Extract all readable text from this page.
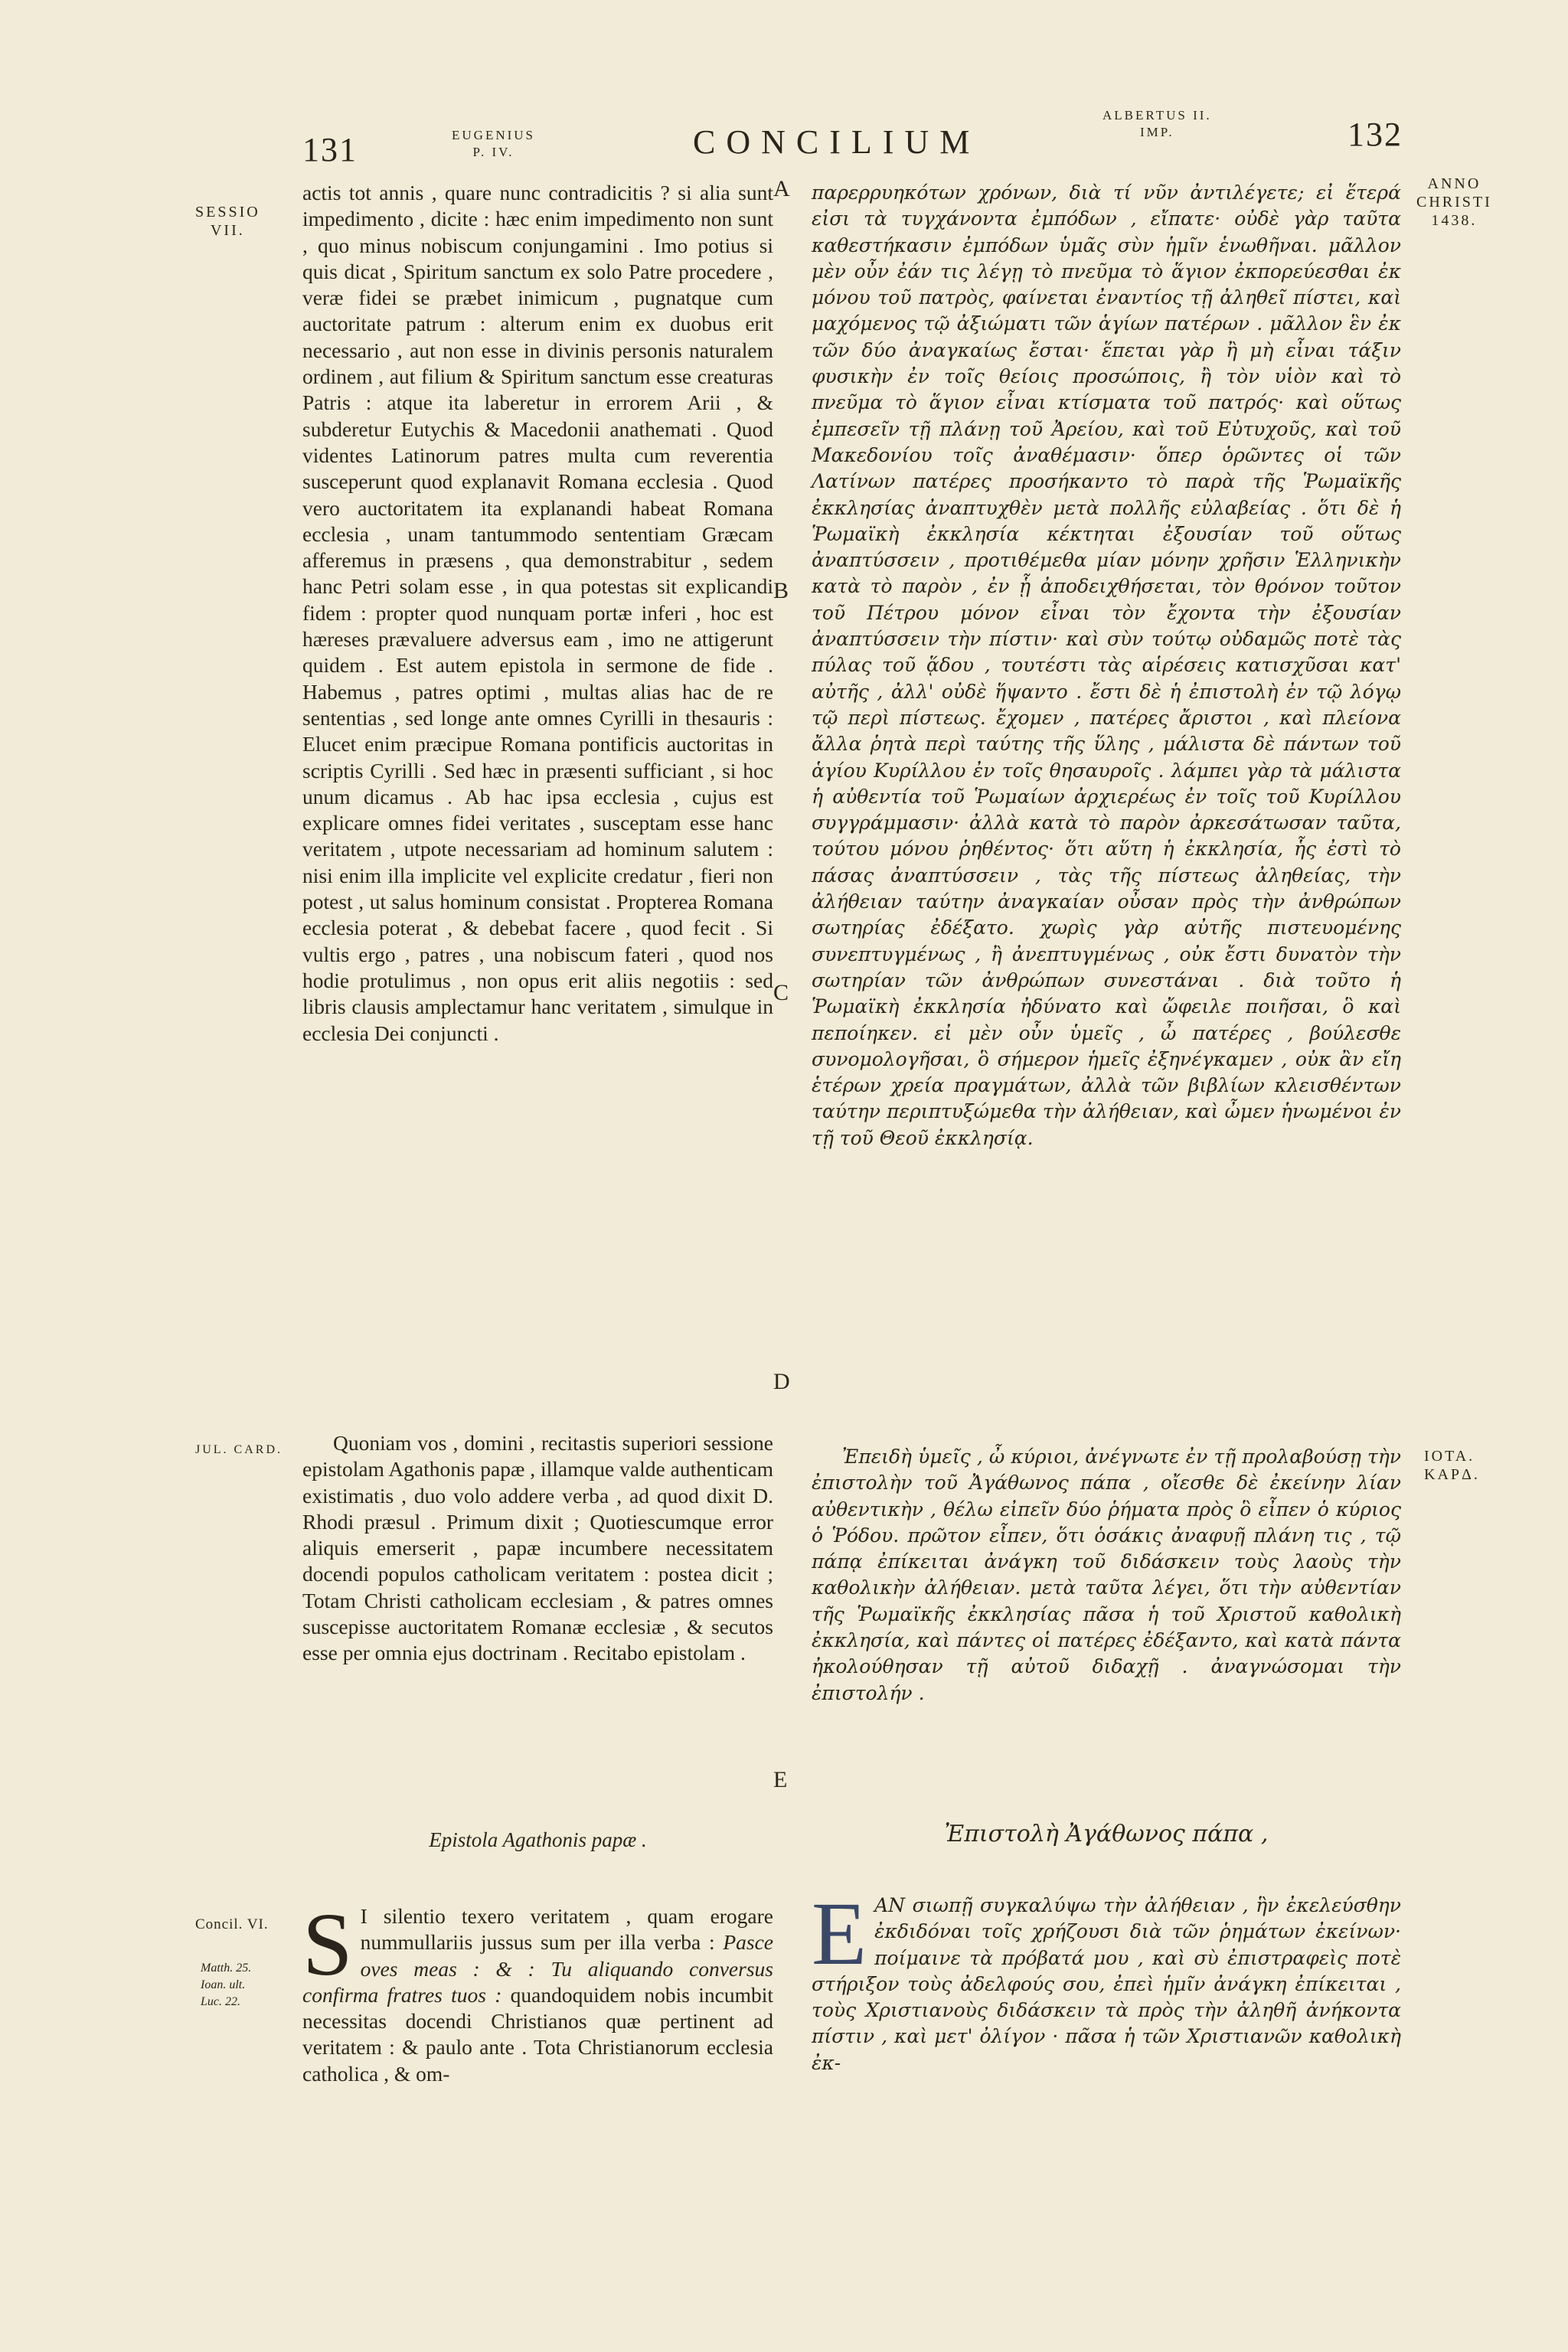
131	EUGENIUS
P. IV.	CONCILIUM
ALBERTUS II.
IMP.	132
SESSIO
VII.
ANNO
CHRISTI
1438.
JUL. CARD.	IOTA.
KAPΔ.
Concil. VI.
Matth. 25.
Ioan. ult.
Luc. 22.
A
B
C
D
E

actis tot annis , quare nunc contradicitis ? si alia sunt impedimento , dicite : hæc enim impedimento non sunt , quo minus nobiscum conjungamini . Imo potius si quis dicat , Spiritum sanctum ex solo Patre procedere , veræ fidei se præbet inimicum , pugnatque cum auctoritate patrum : alterum enim ex duobus erit necessario , aut non esse in divinis personis naturalem ordinem , aut filium & Spiritum sanctum esse creaturas Patris : atque ita laberetur in errorem Arii , & subderetur Eutychis & Macedonii anathemati . Quod videntes Latinorum patres multa cum reverentia susceperunt quod explanavit Romana ecclesia . Quod vero auctoritatem ita explanandi habeat Romana ecclesia , unam tantummodo sententiam Græcam afferemus in præsens , qua demonstrabitur , sedem hanc Petri solam esse , in qua potestas sit explicandi fidem : propter quod nunquam portæ inferi , hoc est hæreses prævaluere adversus eam , imo ne attigerunt quidem . Est autem epistola in sermone de fide . Habemus , patres optimi , multas alias hac de re sententias , sed longe ante omnes Cyrilli in thesauris : Elucet enim præcipue Romana pontificis auctoritas in scriptis Cyrilli . Sed hæc in præsenti sufficiant , si hoc unum dicamus . Ab hac ipsa ecclesia , cujus est explicare omnes fidei veritates , susceptam esse hanc veritatem , utpote necessariam ad hominum salutem : nisi enim illa implicite vel explicite credatur , fieri non potest , ut salus hominum consistat . Propterea Romana ecclesia poterat , & debebat facere , quod fecit . Si vultis ergo , patres , una nobiscum fateri , quod nos hodie protulimus , non opus erit aliis negotiis : sed libris clausis amplectamur hanc veritatem , simulque in ecclesia Dei conjuncti .

Quoniam vos , domini , recitastis superiori sessione epistolam Agathonis papæ , illamque valde authenticam existimatis , duo volo addere verba , ad quod dixit D. Rhodi præsul . Primum dixit ; Quotiescumque error aliquis emerserit , papæ incumbere necessitatem docendi populos catholicam veritatem : postea dicit ; Totam Christi catholicam ecclesiam , & patres omnes suscepisse auctoritatem Romanæ ecclesiæ , & secutos esse per omnia ejus doctrinam . Recitabo epistolam .

Epistola Agathonis papæ .
S I silentio texero veritatem , quam erogare nummullariis jussus sum per illa verba : Pasce oves meas : & : Tu aliquando conversus confirma fratres tuos : quandoquidem nobis incumbit necessitas docendi Christianos quæ pertinent ad veritatem : & paulo ante . Tota Christianorum ecclesia catholica , & om-

παρερρυηκότων χρόνων, διὰ τί νῦν ἀντιλέγετε; εἰ ἕτερά εἰσι τὰ τυγχάνοντα ἐμπόδων , εἴπατε· οὐδὲ γὰρ ταῦτα καθεστήκασιν ἐμπόδων ὑμᾶς σὺν ἡμῖν ἑνωθῆναι. μᾶλλον μὲν οὖν ἐάν τις λέγῃ τὸ πνεῦμα τὸ ἅγιον ἐκπορεύεσθαι ἐκ μόνου τοῦ πατρὸς, φαίνεται ἐναντίος τῇ ἀληθεῖ πίστει, καὶ μαχόμενος τῷ ἀξιώματι τῶν ἁγίων πατέρων . μᾶλλον ἓν ἐκ τῶν δύο ἀναγκαίως ἔσται· ἕπεται γὰρ ἢ μὴ εἶναι τάξιν φυσικὴν ἐν τοῖς θείοις προσώποις, ἢ τὸν υἱὸν καὶ τὸ πνεῦμα τὸ ἅγιον εἶναι κτίσματα τοῦ πατρός· καὶ οὕτως ἐμπεσεῖν τῇ πλάνῃ τοῦ Ἀρείου, καὶ τοῦ Εὐτυχοῦς, καὶ τοῦ Μακεδονίου τοῖς ἀναθέμασιν· ὅπερ ὁρῶντες οἱ τῶν Λατίνων πατέρες προσήκαντο τὸ παρὰ τῆς Ῥωμαϊκῆς ἐκκλησίας ἀναπτυχθὲν μετὰ πολλῆς εὐλαβείας . ὅτι δὲ ἡ Ῥωμαϊκὴ ἐκκλησία κέκτηται ἐξουσίαν τοῦ οὕτως ἀναπτύσσειν , προτιθέμεθα μίαν μόνην χρῆσιν Ἑλληνικὴν κατὰ τὸ παρὸν , ἐν ᾗ ἀποδειχθήσεται, τὸν θρόνον τοῦτον τοῦ Πέτρου μόνον εἶναι τὸν ἔχοντα τὴν ἐξουσίαν ἀναπτύσσειν τὴν πίστιν· καὶ σὺν τούτῳ οὐδαμῶς ποτὲ τὰς πύλας τοῦ ᾅδου , τουτέστι τὰς αἱρέσεις κατισχῦσαι κατ' αὐτῆς , ἀλλ' οὐδὲ ἥψαντο . ἔστι δὲ ἡ ἐπιστολὴ ἐν τῷ λόγῳ τῷ περὶ πίστεως. ἔχομεν , πατέρες ἄριστοι , καὶ πλείονα ἄλλα ῥητὰ περὶ ταύτης τῆς ὕλης , μάλιστα δὲ πάντων τοῦ ἁγίου Κυρίλλου ἐν τοῖς θησαυροῖς . λάμπει γὰρ τὰ μάλιστα ἡ αὐθεντία τοῦ Ῥωμαίων ἀρχιερέως ἐν τοῖς τοῦ Κυρίλλου συγγράμμασιν· ἀλλὰ κατὰ τὸ παρὸν ἀρκεσάτωσαν ταῦτα, τούτου μόνου ῥηθέντος· ὅτι αὕτη ἡ ἐκκλησία, ἧς ἐστὶ τὸ πάσας ἀναπτύσσειν , τὰς τῆς πίστεως ἀληθείας, τὴν ἀλήθειαν ταύτην ἀναγκαίαν οὖσαν πρὸς τὴν ἀνθρώπων σωτηρίας ἐδέξατο. χωρὶς γὰρ αὐτῆς πιστευομένης συνεπτυγμένως , ἢ ἀνεπτυγμένως , οὐκ ἔστι δυνατὸν τὴν σωτηρίαν τῶν ἀνθρώπων συνεστάναι . διὰ τοῦτο ἡ Ῥωμαϊκὴ ἐκκλησία ἠδύνατο καὶ ὤφειλε ποιῆσαι, ὃ καὶ πεποίηκεν. εἰ μὲν οὖν ὑμεῖς , ὦ πατέρες , βούλεσθε συνομολογῆσαι, ὃ σήμερον ἡμεῖς ἐξηνέγκαμεν , οὐκ ἂν εἴη ἑτέρων χρεία πραγμάτων, ἀλλὰ τῶν βιβλίων κλεισθέντων ταύτην περιπτυξώμεθα τὴν ἀλήθειαν, καὶ ὦμεν ἡνωμένοι ἐν τῇ τοῦ Θεοῦ ἐκκλησίᾳ.

Ἐπειδὴ ὑμεῖς , ὦ κύριοι, ἀνέγνωτε ἐν τῇ προλαβούσῃ τὴν ἐπιστολὴν τοῦ Ἀγάθωνος πάπα , οἴεσθε δὲ ἐκείνην λίαν αὐθεντικὴν , θέλω εἰπεῖν δύο ῥήματα πρὸς ὃ εἶπεν ὁ κύριος ὁ Ῥόδου. πρῶτον εἶπεν, ὅτι ὁσάκις ἀναφυῇ πλάνη τις , τῷ πάπᾳ ἐπίκειται ἀνάγκη τοῦ διδάσκειν τοὺς λαοὺς τὴν καθολικὴν ἀλήθειαν. μετὰ ταῦτα λέγει, ὅτι τὴν αὐθεντίαν τῆς Ῥωμαϊκῆς ἐκκλησίας πᾶσα ἡ τοῦ Χριστοῦ καθολικὴ ἐκκλησία, καὶ πάντες οἱ πατέρες ἐδέξαντο, καὶ κατὰ πάντα ἠκολούθησαν τῇ αὐτοῦ διδαχῇ . ἀναγνώσομαι τὴν ἐπιστολήν .

Ἐπιστολὴ Ἀγάθωνος πάπα ,
E ΑΝ σιωπῇ συγκαλύψω τὴν ἀλήθειαν , ἣν ἐκελεύσθην ἐκδιδόναι τοῖς χρήζουσι διὰ τῶν ῥημάτων ἐκείνων· ποίμαινε τὰ πρόβατά μου , καὶ σὺ ἐπιστραφεὶς ποτὲ στήριξον τοὺς ἀδελφούς σου, ἐπεὶ ἡμῖν ἀνάγκη ἐπίκειται , τοὺς Χριστιανοὺς διδάσκειν τὰ πρὸς τὴν ἀληθῆ ἀνήκοντα πίστιν , καὶ μετ' ὀλίγον · πᾶσα ἡ τῶν Χριστιανῶν καθολικὴ ἐκ-
